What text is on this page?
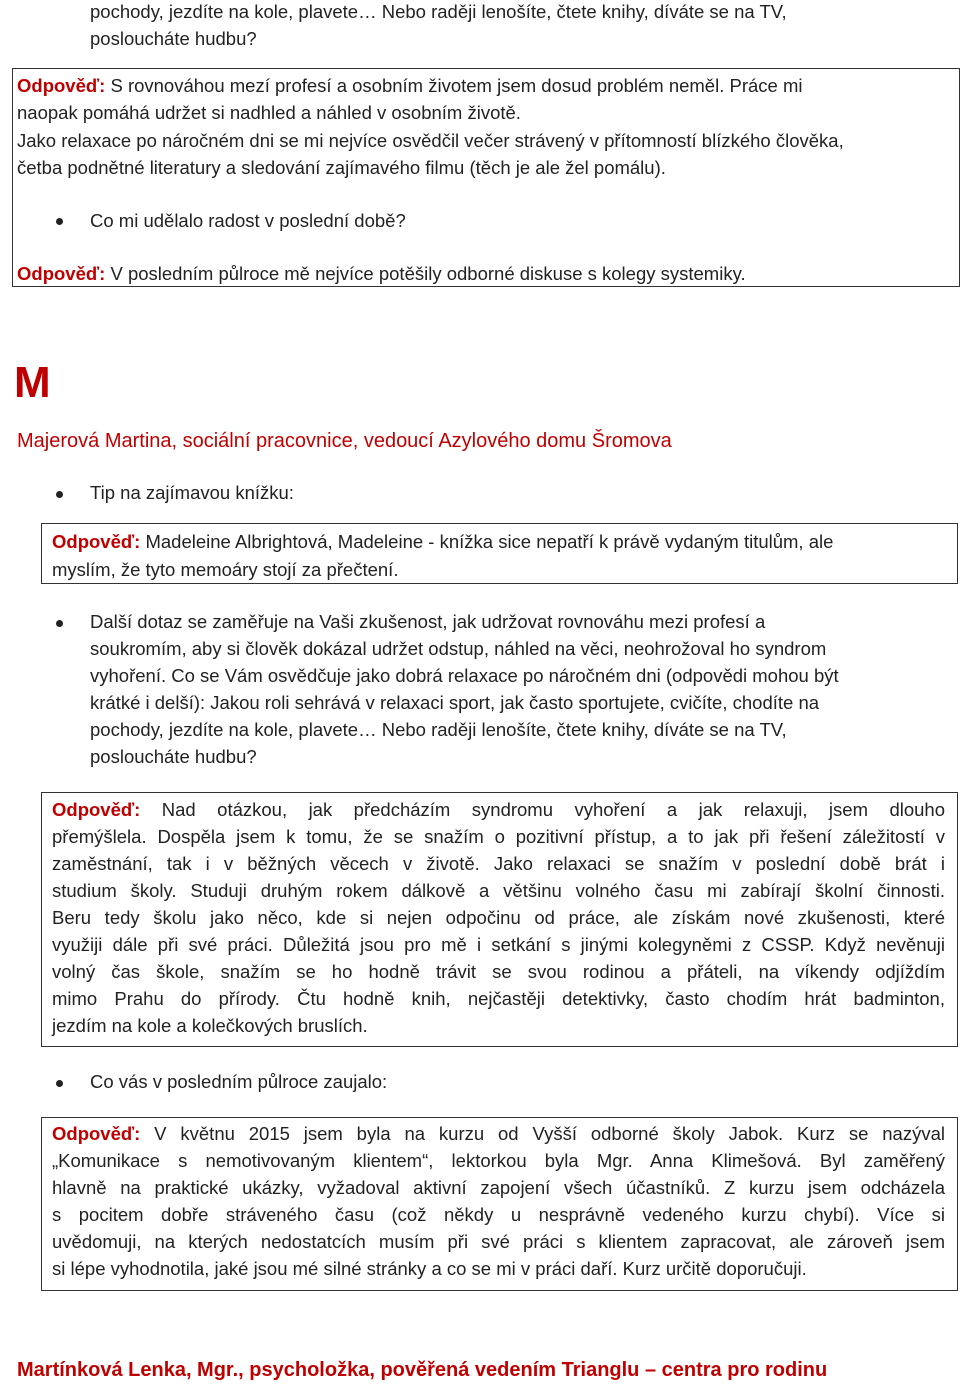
pochody, jezdíte na kole, plavete… Nebo raději lenošíte, čtete knihy, díváte se na TV,
posloucháte hudbu?
Odpověď: S rovnováhou mezí profesí a osobním životem jsem dosud problém neměl. Práce mi
naopak pomáhá udržet si nadhled a náhled v osobním životě.
Jako relaxace po náročném dni se mi nejvíce osvědčil večer strávený v přítomností blízkého člověka,
četba podnětné literatury a sledování zajímavého filmu (těch je ale žel pomálu).
Co mi udělalo radost v poslední době?
Odpověď: V posledním půlroce mě nejvíce potěšily odborné diskuse s kolegy systemiky.
M
Majerová Martina, sociální pracovnice, vedoucí Azylového domu Šromova
Tip na zajímavou knížku:
Odpověď: Madeleine Albrightová, Madeleine - knížka sice nepatří k právě vydaným titulům, ale
myslím, že tyto memoáry stojí za přečtení.
Další dotaz se zaměřuje na Vaši zkušenost, jak udržovat rovnováhu mezi profesí a
soukromím, aby si člověk dokázal udržet odstup, náhled na věci, neohrožoval ho syndrom
vyhoření. Co se Vám osvědčuje jako dobrá relaxace po náročném dni (odpovědi mohou být
krátké i delší): Jakou roli sehrává v relaxaci sport, jak často sportujete, cvičíte, chodíte na
pochody, jezdíte na kole, plavete… Nebo raději lenošíte, čtete knihy, díváte se na TV,
posloucháte hudbu?
Odpověď: Nad otázkou, jak předcházím syndromu vyhoření a jak relaxuji, jsem dlouho
přemýšlela. Dospěla jsem k tomu, že se snažím o pozitivní přístup, a to jak při řešení záležitostí v
zaměstnání, tak i v běžných věcech v životě. Jako relaxaci se snažím v poslední době brát i
studium školy. Studuji druhým rokem dálkově a většinu volného času mi zabírají školní činnosti.
Beru tedy školu jako něco, kde si nejen odpočinu od práce, ale získám nové zkušenosti, které
využiji dále při své práci. Důležitá jsou pro mě i setkání s jinými kolegyněmi z CSSP. Když nevěnuji
volný čas škole, snažím se ho hodně trávit se svou rodinou a přáteli, na víkendy odjíždím
mimo Prahu do přírody. Čtu hodně knih, nejčastěji detektivky, často chodím hrát badminton,
jezdím na kole a kolečkových bruslích.
Co vás v posledním půlroce zaujalo:
Odpověď: V květnu 2015 jsem byla na kurzu od Vyšší odborné školy Jabok. Kurz se nazýval
„Komunikace s nemotivovaným klientem“, lektorkou byla Mgr. Anna Klimešová. Byl zaměřený
hlavně na praktické ukázky, vyžadoval aktivní zapojení všech účastníků. Z kurzu jsem odcházela
s pocitem dobře stráveného času (což někdy u nesprávně vedeného kurzu chybí). Více si
uvědomuji, na kterých nedostatcích musím při své práci s klientem zapracovat, ale zároveň jsem
si lépe vyhodnotila, jaké jsou mé silné stránky a co se mi v práci daří. Kurz určitě doporučuji.
Martínková Lenka, Mgr., psycholožka, pověřená vedením Trianglu – centra pro rodinu
